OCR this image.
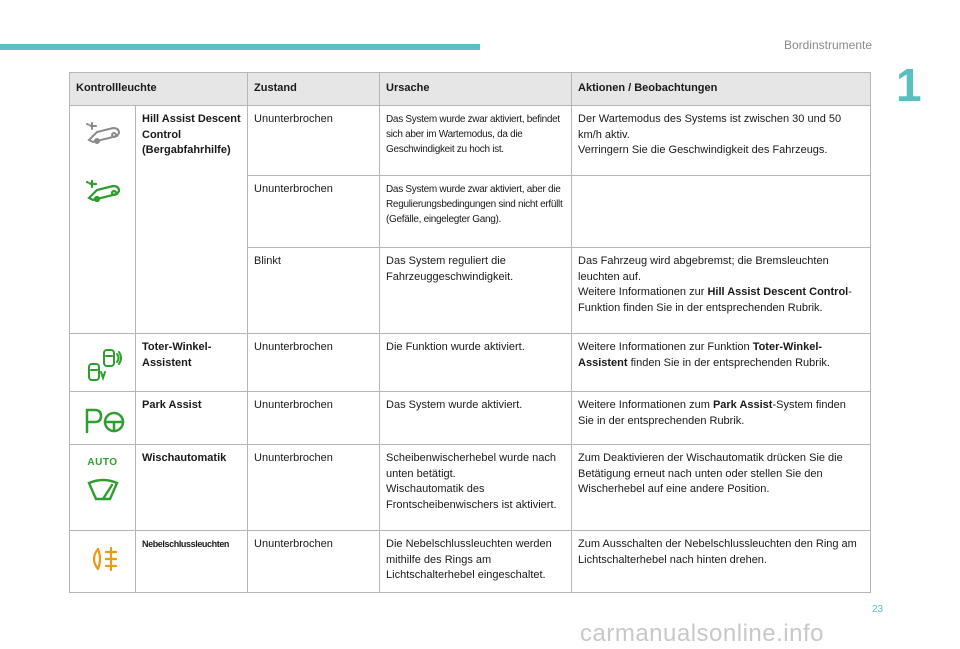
Bordinstrumente
1
Kontrollleuchte		Zustand	Ursache	Aktionen / Beobachtungen

	Hill Assist Descent Control (Bergabfahrhilfe)	Ununterbrochen	Das System wurde zwar aktiviert, befindet sich aber im Wartemodus, da die Geschwindigkeit zu hoch ist.	Der Wartemodus des Systems ist zwischen 30 und 50 km/h aktiv.
Verringern Sie die Geschwindigkeit des Fahrzeugs.
		Ununterbrochen	Das System wurde zwar aktiviert, aber die Regulierungsbedingungen sind nicht erfüllt (Gefälle, eingelegter Gang).	
		Blinkt	Das System reguliert die Fahrzeuggeschwindigkeit.	Das Fahrzeug wird abgebremst; die Bremsleuchten leuchten auf.
Weitere Informationen zur Hill Assist Descent Control-Funktion finden Sie in der entsprechenden Rubrik.

	Toter-Winkel-Assistent	Ununterbrochen	Die Funktion wurde aktiviert.	Weitere Informationen zur Funktion Toter-Winkel-Assistent finden Sie in der entsprechenden Rubrik.

	Park Assist	Ununterbrochen	Das System wurde aktiviert.	Weitere Informationen zum Park Assist-System finden Sie in der entsprechenden Rubrik.

AUTO	Wischautomatik	Ununterbrochen	Scheibenwischerhebel wurde nach unten betätigt.
Wischautomatik des Frontscheibenwischers ist aktiviert.	Zum Deaktivieren der Wischautomatik drücken Sie die Betätigung erneut nach unten oder stellen Sie den Wischerhebel auf eine andere Position.

	Nebelschlussleuchten	Ununterbrochen	Die Nebelschlussleuchten werden mithilfe des Rings am Lichtschalterhebel eingeschaltet.	Zum Ausschalten der Nebelschlussleuchten den Ring am Lichtschalterhebel nach hinten drehen.
23
carmanualsonline.info
